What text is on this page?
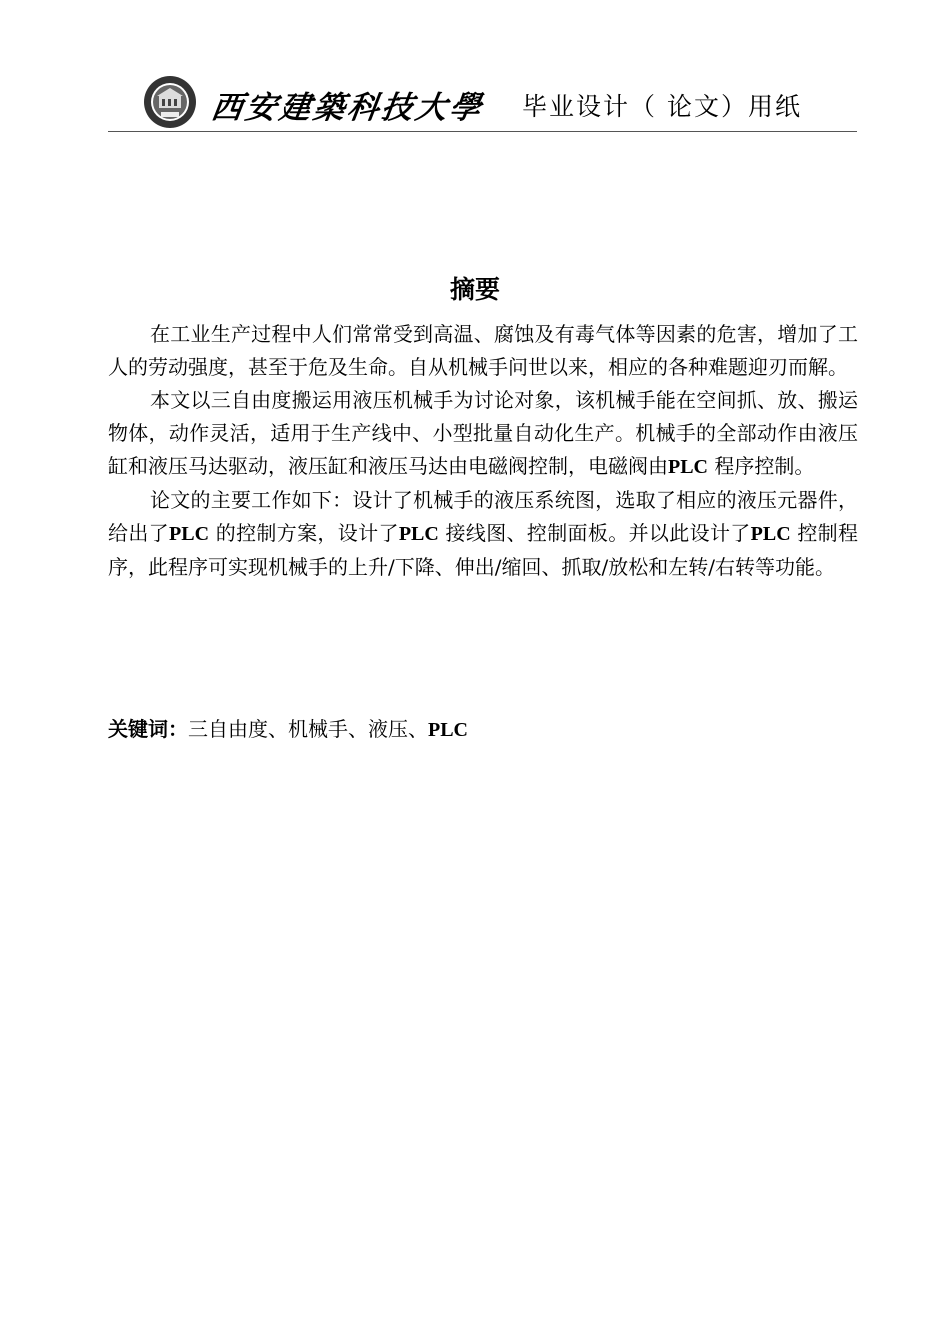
西安建築科技大學 毕业设计（ 论文）用纸
摘要

在工业生产过程中人们常常受到高温、腐蚀及有毒气体等因素的危害，增加了工人的劳动强度，甚至于危及生命。自从机械手问世以来，相应的各种难题迎刃而解。

本文以三自由度搬运用液压机械手为讨论对象，该机械手能在空间抓、放、搬运物体，动作灵活，适用于生产线中、小型批量自动化生产。机械手的全部动作由液压缸和液压马达驱动，液压缸和液压马达由电磁阀控制，电磁阀由PLC 程序控制。

论文的主要工作如下：设计了机械手的液压系统图，选取了相应的液压元器件，给出了PLC 的控制方案，设计了PLC 接线图、控制面板。并以此设计了PLC 控制程序，此程序可实现机械手的上升/下降、伸出/缩回、抓取/放松和左转/右转等功能。

关键词：三自由度、机械手、液压、PLC
